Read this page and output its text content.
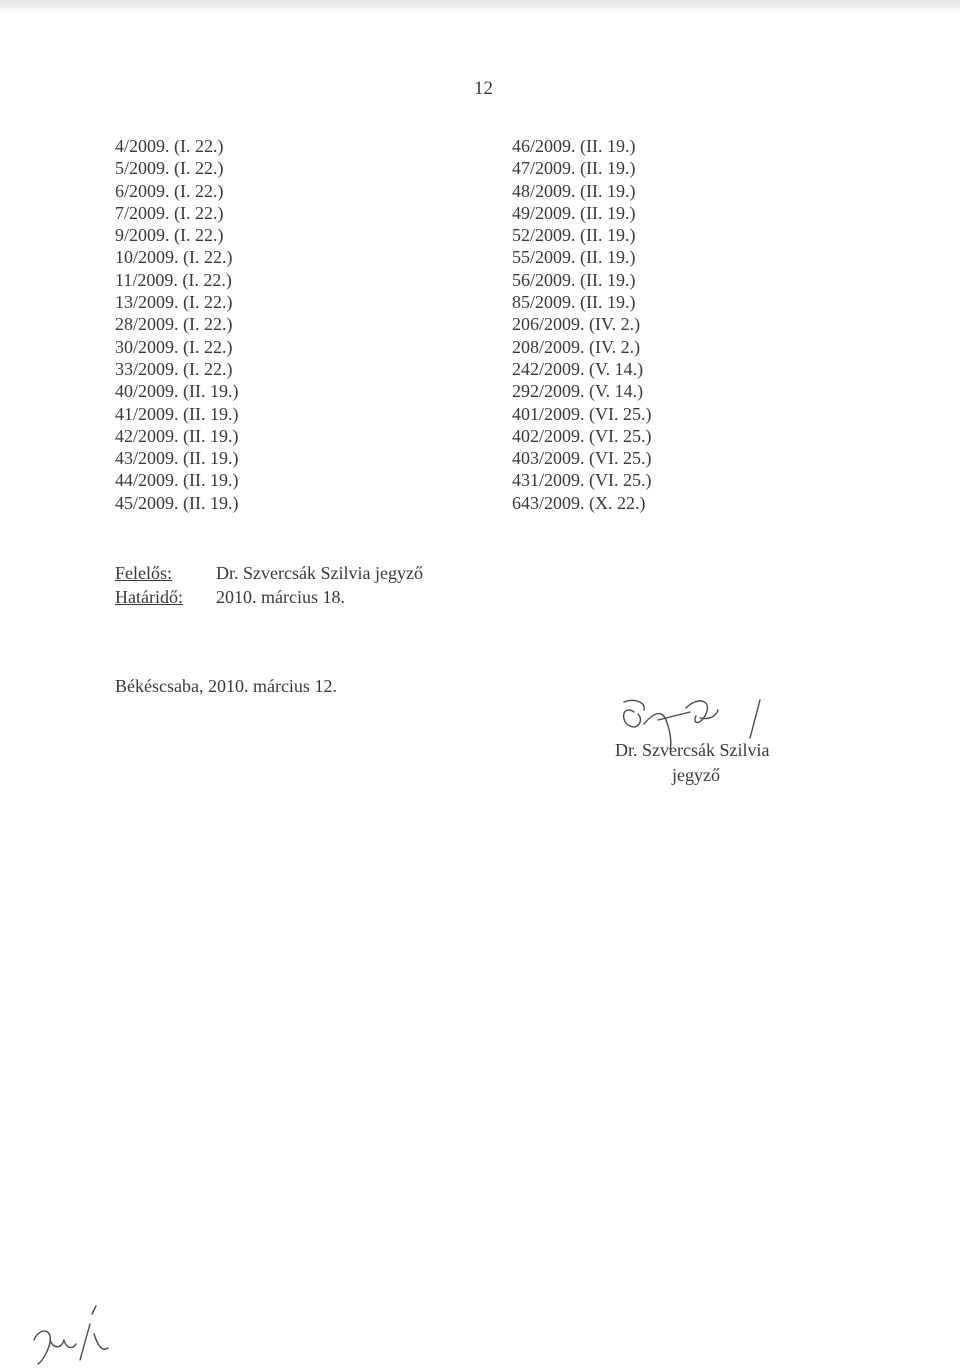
12
4/2009. (I. 22.)
5/2009. (I. 22.)
6/2009. (I. 22.)
7/2009. (I. 22.)
9/2009. (I. 22.)
10/2009. (I. 22.)
11/2009. (I. 22.)
13/2009. (I. 22.)
28/2009. (I. 22.)
30/2009. (I. 22.)
33/2009. (I. 22.)
40/2009. (II. 19.)
41/2009. (II. 19.)
42/2009. (II. 19.)
43/2009. (II. 19.)
44/2009. (II. 19.)
45/2009. (II. 19.)
46/2009. (II. 19.)
47/2009. (II. 19.)
48/2009. (II. 19.)
49/2009. (II. 19.)
52/2009. (II. 19.)
55/2009. (II. 19.)
56/2009. (II. 19.)
85/2009. (II. 19.)
206/2009. (IV. 2.)
208/2009. (IV. 2.)
242/2009. (V. 14.)
292/2009. (V. 14.)
401/2009. (VI. 25.)
402/2009. (VI. 25.)
403/2009. (VI. 25.)
431/2009. (VI. 25.)
643/2009. (X. 22.)
Felelős: Dr. Szvercsák Szilvia jegyző
Határidő: 2010. március 18.
Békéscsaba, 2010. március 12.
Dr. Szvercsák Szilvia
jegyző
